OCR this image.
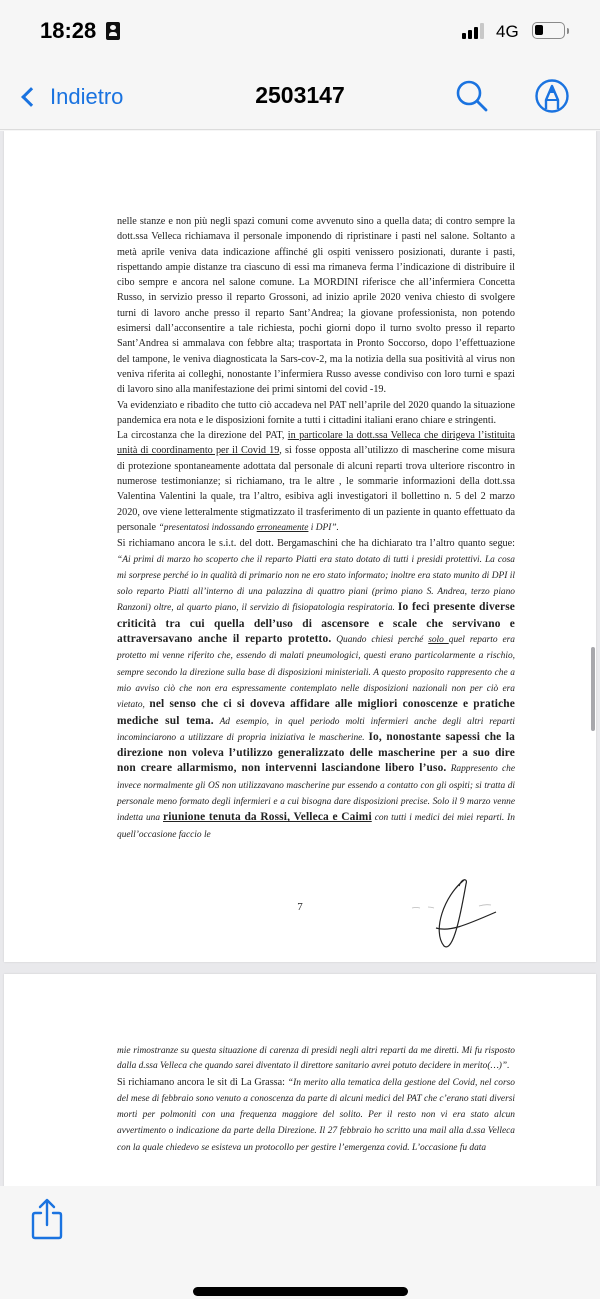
18:28	4G
Indietro	2503147

nelle stanze e non più negli spazi comuni come avvenuto sino a quella data; di contro sempre la dott.ssa Velleca richiamava il personale imponendo di ripristinare i pasti nel salone. Soltanto a metà aprile veniva data indicazione affinché gli ospiti venissero posizionati, durante i pasti, rispettando ampie distanze tra ciascuno di essi ma rimaneva ferma l’indicazione di distribuire il cibo sempre e ancora nel salone comune. La MORDINI riferisce che all’infermiera Concetta Russo, in servizio presso il reparto Grossoni, ad inizio aprile 2020 veniva chiesto di svolgere turni di lavoro anche presso il reparto Sant’Andrea; la giovane professionista, non potendo esimersi dall’acconsentire a tale richiesta, pochi giorni dopo il turno svolto presso il reparto Sant’Andrea si ammalava con febbre alta; trasportata in Pronto Soccorso, dopo l’effettuazione del tampone, le veniva diagnosticata la Sars-cov-2, ma la notizia della sua positività al virus non veniva riferita ai colleghi, nonostante l’infermiera Russo avesse condiviso con loro turni e spazi di lavoro sino alla manifestazione dei primi sintomi del covid -19.

Va evidenziato e ribadito che tutto ciò accadeva nel PAT nell’aprile del 2020 quando la situazione pandemica era nota e le disposizioni fornite a tutti i cittadini italiani erano chiare e stringenti.

La circostanza che la direzione del PAT, in particolare la dott.ssa Velleca che dirigeva l’istituita unità di coordinamento per il Covid 19, si fosse opposta all’utilizzo di mascherine come misura di protezione spontaneamente adottata dal personale di alcuni reparti trova ulteriore riscontro in numerose testimonianze; si richiamano, tra le altre , le sommarie informazioni della dott.ssa Valentina Valentini la quale, tra l’altro, esibiva agli investigatori il bollettino n. 5 del 2 marzo 2020, ove viene letteralmente stigmatizzato il trasferimento di un paziente in quanto effettuato da personale “presentatosi indossando erroneamente i DPI”.

Si richiamano ancora le s.i.t. del dott. Bergamaschini che ha dichiarato tra l’altro quanto segue: “Ai primi di marzo ho scoperto che il reparto Piatti era stato dotato di tutti i presidi protettivi. La cosa mi sorprese perché io in qualità di primario non ne ero stato informato; inoltre era stato munito di DPI il solo reparto Piatti all’interno di una palazzina di quattro piani (primo piano S. Andrea, terzo piano Ranzoni) oltre, al quarto piano, il servizio di fisiopatologia respiratoria. Io feci presente diverse criticità tra cui quella dell’uso di ascensore e scale che servivano e attraversavano anche il reparto protetto. Quando chiesi perché solo quel reparto era protetto mi venne riferito che, essendo di malati pneumologici, questi erano particolarmente a rischio, sempre secondo la direzione sulla base di disposizioni ministeriali. A questo proposito rappresento che a mio avviso ciò che non era espressamente contemplato nelle disposizioni nazionali non per ciò era vietato, nel senso che ci si doveva affidare alle migliori conoscenze e pratiche mediche sul tema. Ad esempio, in quel periodo molti infermieri anche degli altri reparti incominciarono a utilizzare di propria iniziativa le mascherine. Io, nonostante sapessi che la direzione non voleva l’utilizzo generalizzato delle mascherine per a suo dire non creare allarmismo, non intervenni lasciandone libero l’uso. Rappresento che invece normalmente gli OS non utilizzavano mascherine pur essendo a contatto con gli ospiti; si tratta di personale meno formato degli infermieri e a cui bisogna dare disposizioni precise. Solo il 9 marzo venne indetta una riunione tenuta da Rossi, Velleca e Caimi con tutti i medici dei miei reparti. In quell’occasione faccio le

7

mie rimostranze su questa situazione di carenza di presidi negli altri reparti da me diretti. Mi fu risposto dalla d.ssa Velleca che quando sarei diventato il direttore sanitario avrei potuto decidere in merito(…)”.

Si richiamano ancora le sit di La Grassa: “In merito alla tematica della gestione del Covid, nel corso del mese di febbraio sono venuto a conoscenza da parte di alcuni medici del PAT che c’erano stati diversi morti per polmoniti con una frequenza maggiore del solito. Per il resto non vi era stato alcun avvertimento o indicazione da parte della Direzione. Il 27 febbraio ho scritto una mail alla d.ssa Velleca con la quale chiedevo se esisteva un protocollo per gestire l’emergenza covid. L’occasione fu data
